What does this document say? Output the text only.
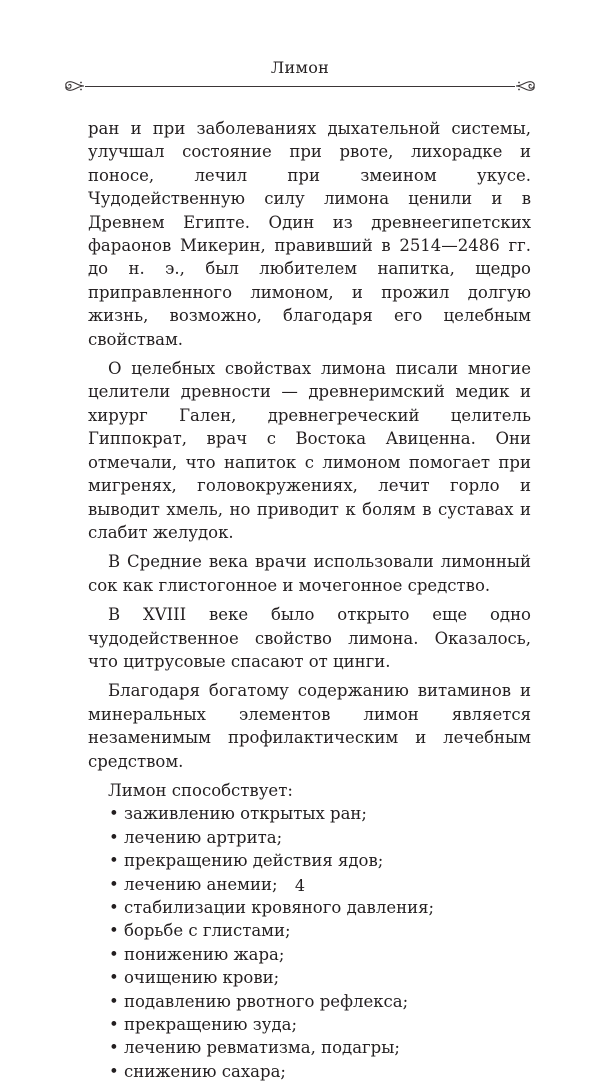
Лимон

ран и при заболеваниях дыхательной системы, улучшал состояние при рвоте, лихорадке и поносе, лечил при змеином укусе. Чудодейственную силу лимона ценили и в Древнем Египте. Один из древнеегипетских фараонов Микерин, правивший в 2514—2486 гг. до н. э., был любителем напитка, щедро приправленного лимоном, и прожил долгую жизнь, возможно, благодаря его целебным свойствам.

О целебных свойствах лимона писали многие целители древности — древнеримский медик и хирург Гален, древнегреческий целитель Гиппократ, врач с Востока Авиценна. Они отмечали, что напиток с лимоном помогает при мигренях, головокружениях, лечит горло и выводит хмель, но приводит к болям в суставах и слабит желудок.

В Средние века врачи использовали лимонный сок как глистогонное и мочегонное средство.

В XVIII веке было открыто еще одно чудодейственное свойство лимона. Оказалось, что цитрусовые спасают от цинги.

Благодаря богатому содержанию витаминов и минеральных элементов лимон является незаменимым профилактическим и лечебным средством.

Лимон способствует:

• заживлению открытых ран;
• лечению артрита;
• прекращению действия ядов;
• лечению анемии;
• стабилизации кровяного давления;
• борьбе с глистами;
• понижению жара;
• очищению крови;
• подавлению рвотного рефлекса;
• прекращению зуда;
• лечению ревматизма, подагры;
• снижению сахара;
4
